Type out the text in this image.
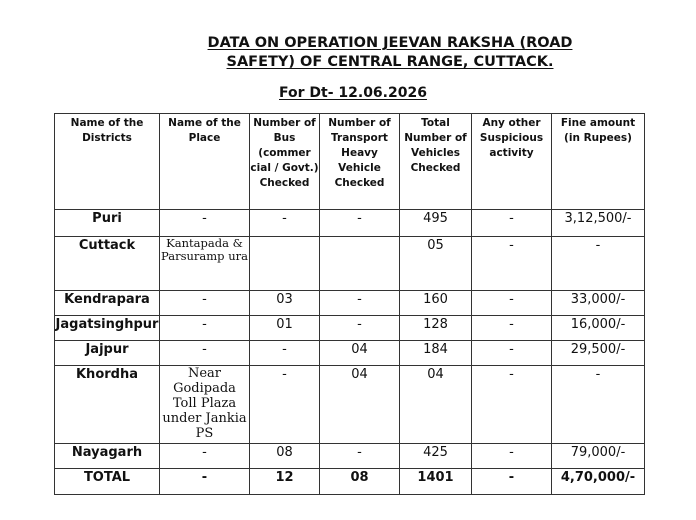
DATA ON OPERATION JEEVAN RAKSHA (ROAD
SAFETY) OF CENTRAL RANGE, CUTTACK.
For Dt- 12.06.2026
Name of the Districts	Name of the Place	Number of Bus (commer cial / Govt.) Checked	Number of Transport Heavy Vehicle Checked	Total Number of Vehicles Checked	Any other Suspicious activity	Fine amount (in Rupees)
Puri	-	-	-	495	-	3,12,500/-
Cuttack	Kantapada & Parsuramp ura			05	-	-
Kendrapara	-	03	-	160	-	33,000/-
Jagatsinghpur	-	01	-	128	-	16,000/-
Jajpur	-	-	04	184	-	29,500/-
Khordha	Near Godipada Toll Plaza under Jankia PS	-	04	04	-	-
Nayagarh	-	08	-	425	-	79,000/-
TOTAL	-	12	08	1401	-	4,70,000/-
